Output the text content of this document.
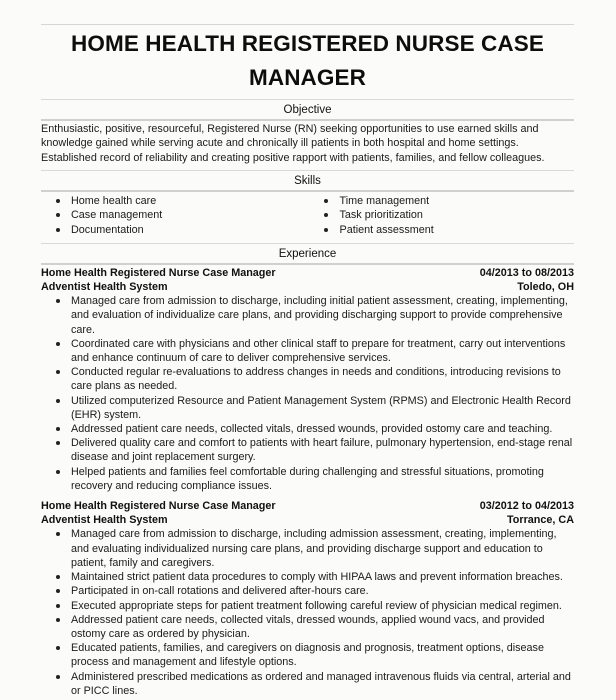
HOME HEALTH REGISTERED NURSE CASE MANAGER
Objective
Enthusiastic, positive, resourceful, Registered Nurse (RN) seeking opportunities to use earned skills and knowledge gained while serving acute and chronically ill patients in both hospital and home settings. Established record of reliability and creating positive rapport with patients, families, and fellow colleagues.
Skills
Home health care
Case management
Documentation
Time management
Task prioritization
Patient assessment
Experience
Home Health Registered Nurse Case Manager	04/2013 to 08/2013
Adventist Health System	Toledo, OH
Managed care from admission to discharge, including initial patient assessment, creating, implementing, and evaluation of individualize care plans, and providing discharging support to provide comprehensive care.
Coordinated care with physicians and other clinical staff to prepare for treatment, carry out interventions and enhance continuum of care to deliver comprehensive services.
Conducted regular re-evaluations to address changes in needs and conditions, introducing revisions to care plans as needed.
Utilized computerized Resource and Patient Management System (RPMS) and Electronic Health Record (EHR) system.
Addressed patient care needs, collected vitals, dressed wounds, provided ostomy care and teaching.
Delivered quality care and comfort to patients with heart failure, pulmonary hypertension, end-stage renal disease and joint replacement surgery.
Helped patients and families feel comfortable during challenging and stressful situations, promoting recovery and reducing compliance issues.
Home Health Registered Nurse Case Manager	03/2012 to 04/2013
Adventist Health System	Torrance, CA
Managed care from admission to discharge, including admission assessment, creating, implementing, and evaluating individualized nursing care plans, and providing discharge support and education to patient, family and caregivers.
Maintained strict patient data procedures to comply with HIPAA laws and prevent information breaches.
Participated in on-call rotations and delivered after-hours care.
Executed appropriate steps for patient treatment following careful review of physician medical regimen.
Addressed patient care needs, collected vitals, dressed wounds, applied wound vacs, and provided ostomy care as ordered by physician.
Educated patients, families, and caregivers on diagnosis and prognosis, treatment options, disease process and management and lifestyle options.
Administered prescribed medications as ordered and managed intravenous fluids via central, arterial and or PICC lines.
